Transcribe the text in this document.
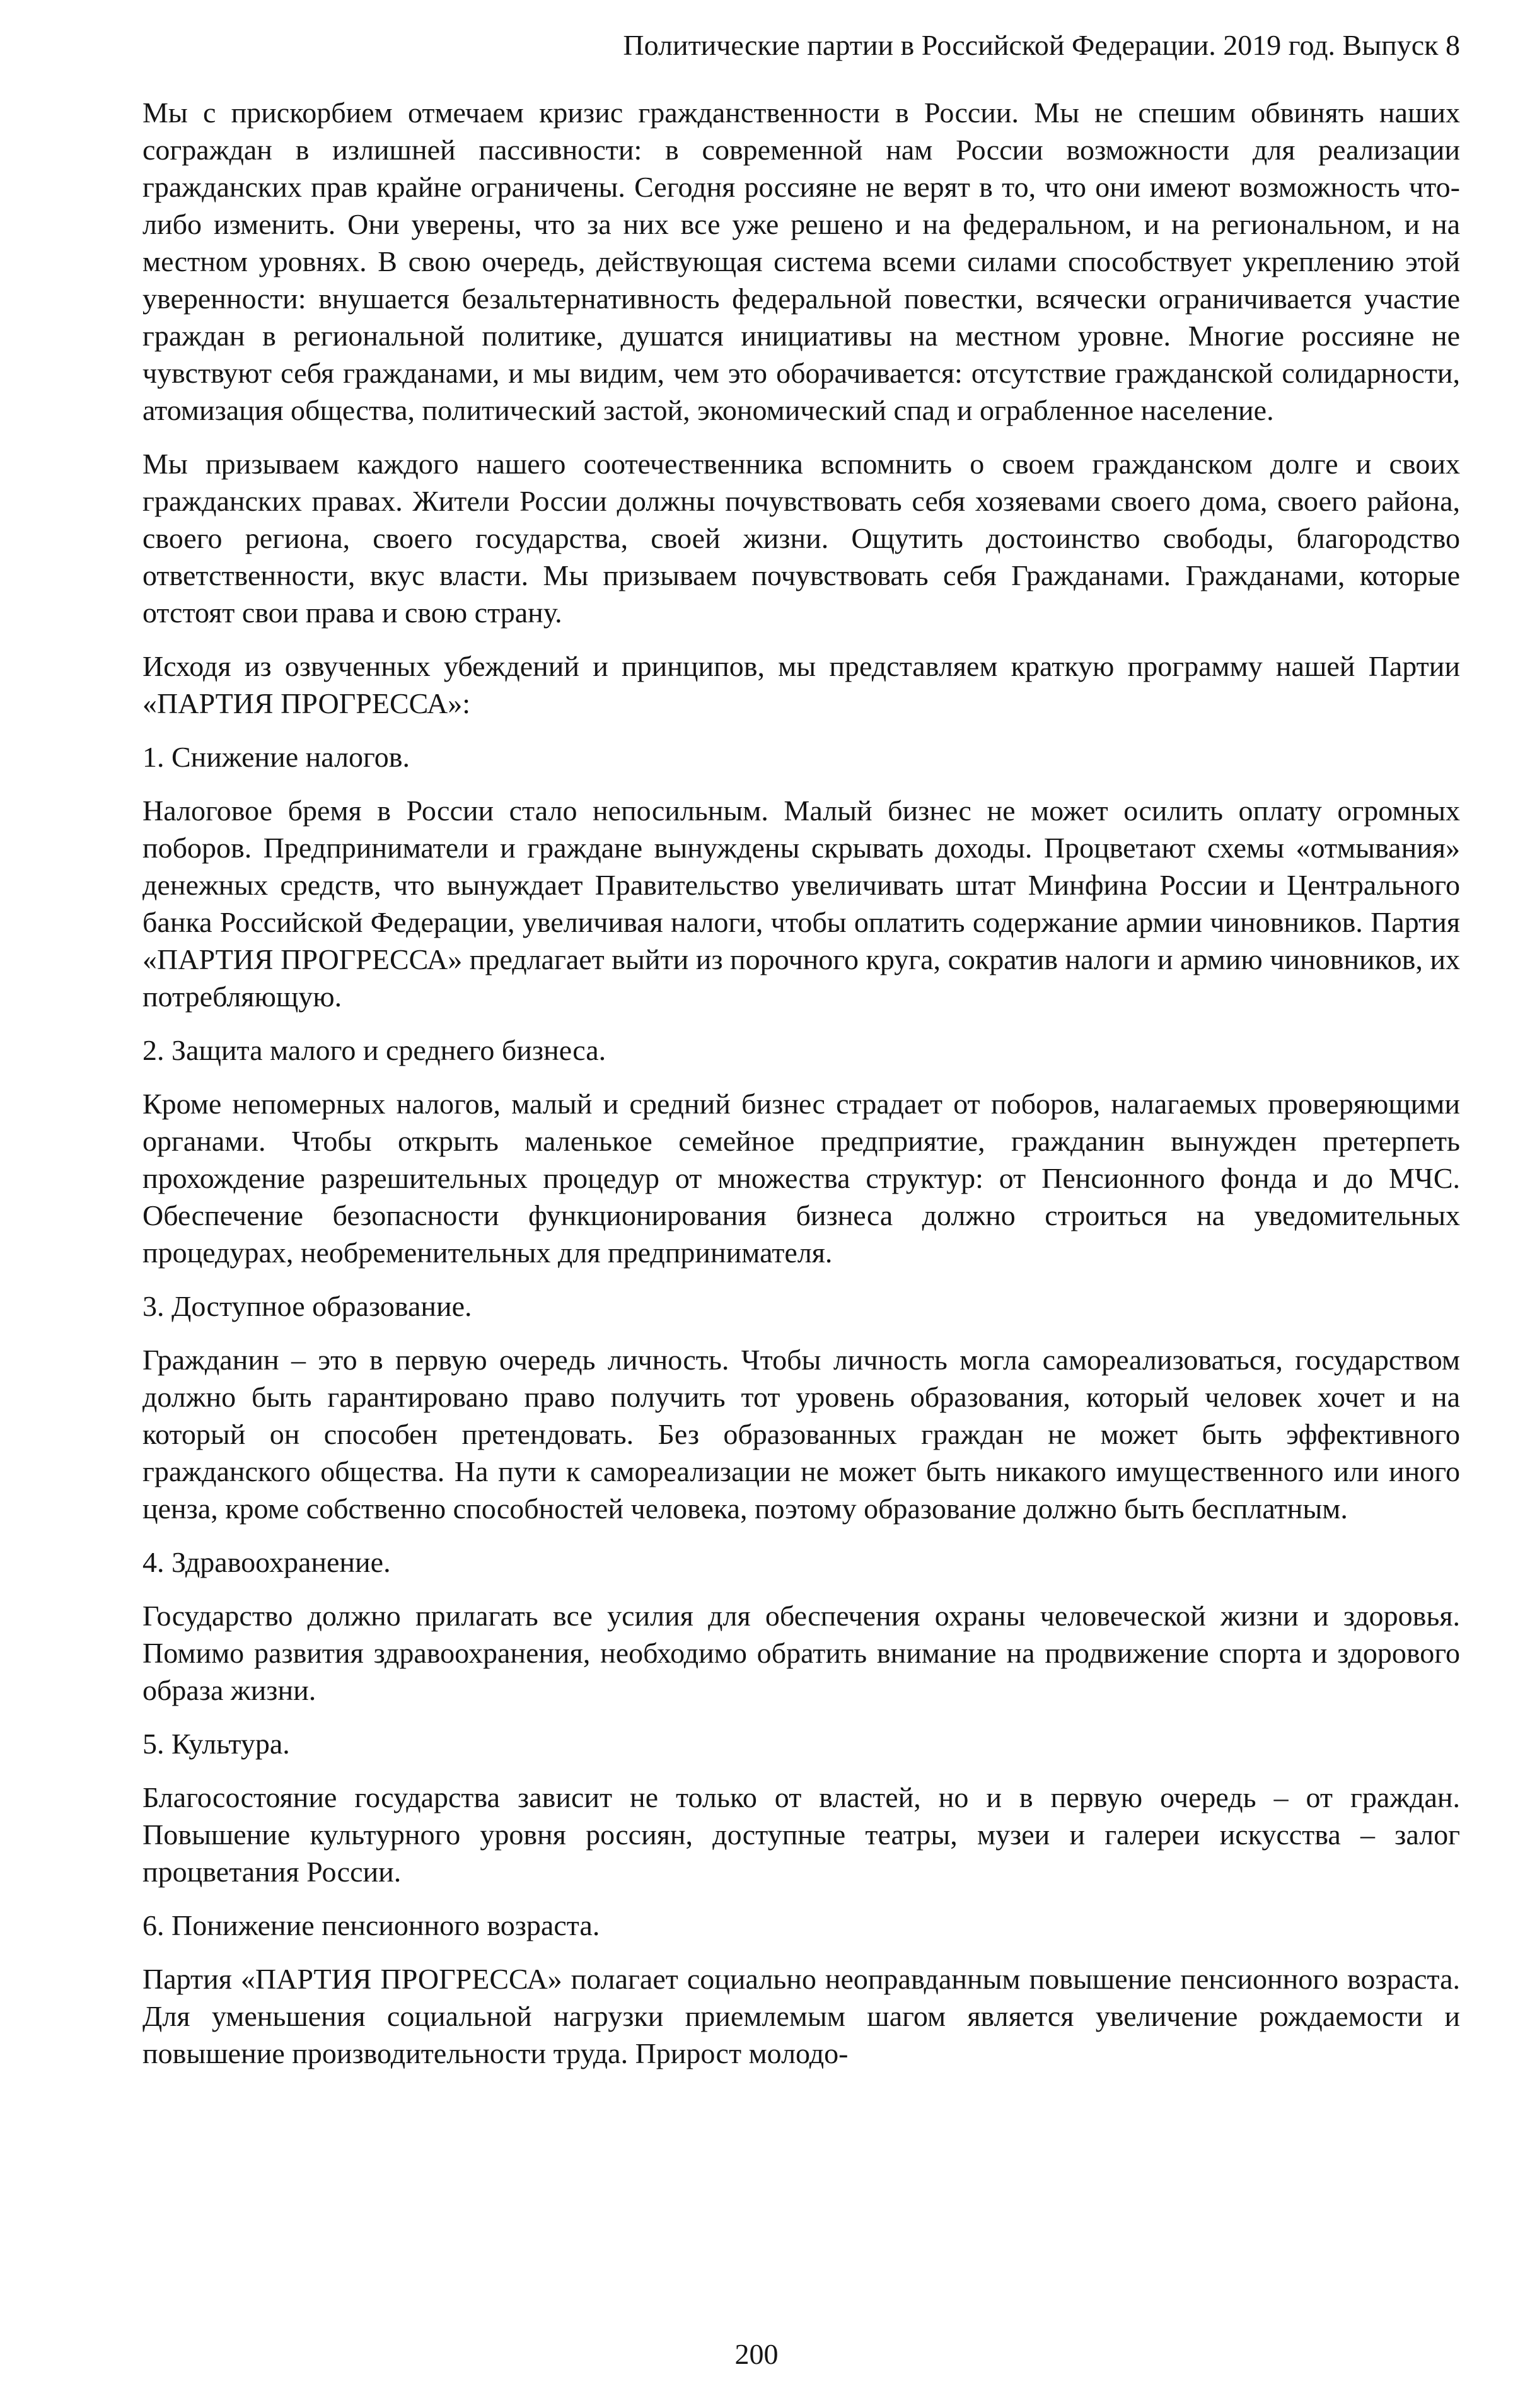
Политические партии в Российской Федерации. 2019 год. Выпуск 8

Мы с прискорбием отмечаем кризис гражданственности в России. Мы не спешим обвинять наших сограждан в излишней пассивности: в современной нам России возможности для реализации гражданских прав крайне ограничены. Сегодня россияне не верят в то, что они имеют возможность что-либо изменить. Они уверены, что за них все уже решено и на федеральном, и на региональном, и на местном уровнях. В свою очередь, действующая система всеми силами способствует укреплению этой уверенности: внушается безальтернативность федеральной повестки, всячески ограничивается участие граждан в региональной политике, душатся инициативы на местном уровне. Многие россияне не чувствуют себя гражданами, и мы видим, чем это оборачивается: отсутствие гражданской солидарности, атомизация общества, политический застой, экономический спад и ограбленное население.

Мы призываем каждого нашего соотечественника вспомнить о своем гражданском долге и своих гражданских правах. Жители России должны почувствовать себя хозяевами своего дома, своего района, своего региона, своего государства, своей жизни. Ощутить достоинство свободы, благородство ответственности, вкус власти. Мы призываем почувствовать себя Гражданами. Гражданами, которые отстоят свои права и свою страну.

Исходя из озвученных убеждений и принципов, мы представляем краткую программу нашей Партии «ПАРТИЯ ПРОГРЕССА»:

1. Снижение налогов.

Налоговое бремя в России стало непосильным. Малый бизнес не может осилить оплату огромных поборов. Предприниматели и граждане вынуждены скрывать доходы. Процветают схемы «отмывания» денежных средств, что вынуждает Правительство увеличивать штат Минфина России и Центрального банка Российской Федерации, увеличивая налоги, чтобы оплатить содержание армии чиновников. Партия «ПАРТИЯ ПРОГРЕССА» предлагает выйти из порочного круга, сократив налоги и армию чиновников, их потребляющую.

2. Защита малого и среднего бизнеса.

Кроме непомерных налогов, малый и средний бизнес страдает от поборов, налагаемых проверяющими органами. Чтобы открыть маленькое семейное предприятие, гражданин вынужден претерпеть прохождение разрешительных процедур от множества структур: от Пенсионного фонда и до МЧС. Обеспечение безопасности функционирования бизнеса должно строиться на уведомительных процедурах, необременительных для предпринимателя.

3. Доступное образование.

Гражданин – это в первую очередь личность. Чтобы личность могла самореализоваться, государством должно быть гарантировано право получить тот уровень образования, который человек хочет и на который он способен претендовать. Без образованных граждан не может быть эффективного гражданского общества. На пути к самореализации не может быть никакого имущественного или иного ценза, кроме собственно способностей человека, поэтому образование должно быть бесплатным.

4. Здравоохранение.

Государство должно прилагать все усилия для обеспечения охраны человеческой жизни и здоровья. Помимо развития здравоохранения, необходимо обратить внимание на продвижение спорта и здорового образа жизни.

5. Культура.

Благосостояние государства зависит не только от властей, но и в первую очередь – от граждан. Повышение культурного уровня россиян, доступные театры, музеи и галереи искусства – залог процветания России.

6. Понижение пенсионного возраста.

Партия «ПАРТИЯ ПРОГРЕССА» полагает социально неоправданным повышение пенсионного возраста. Для уменьшения социальной нагрузки приемлемым шагом является увеличение рождаемости и повышение производительности труда. Прирост молодо-

200
